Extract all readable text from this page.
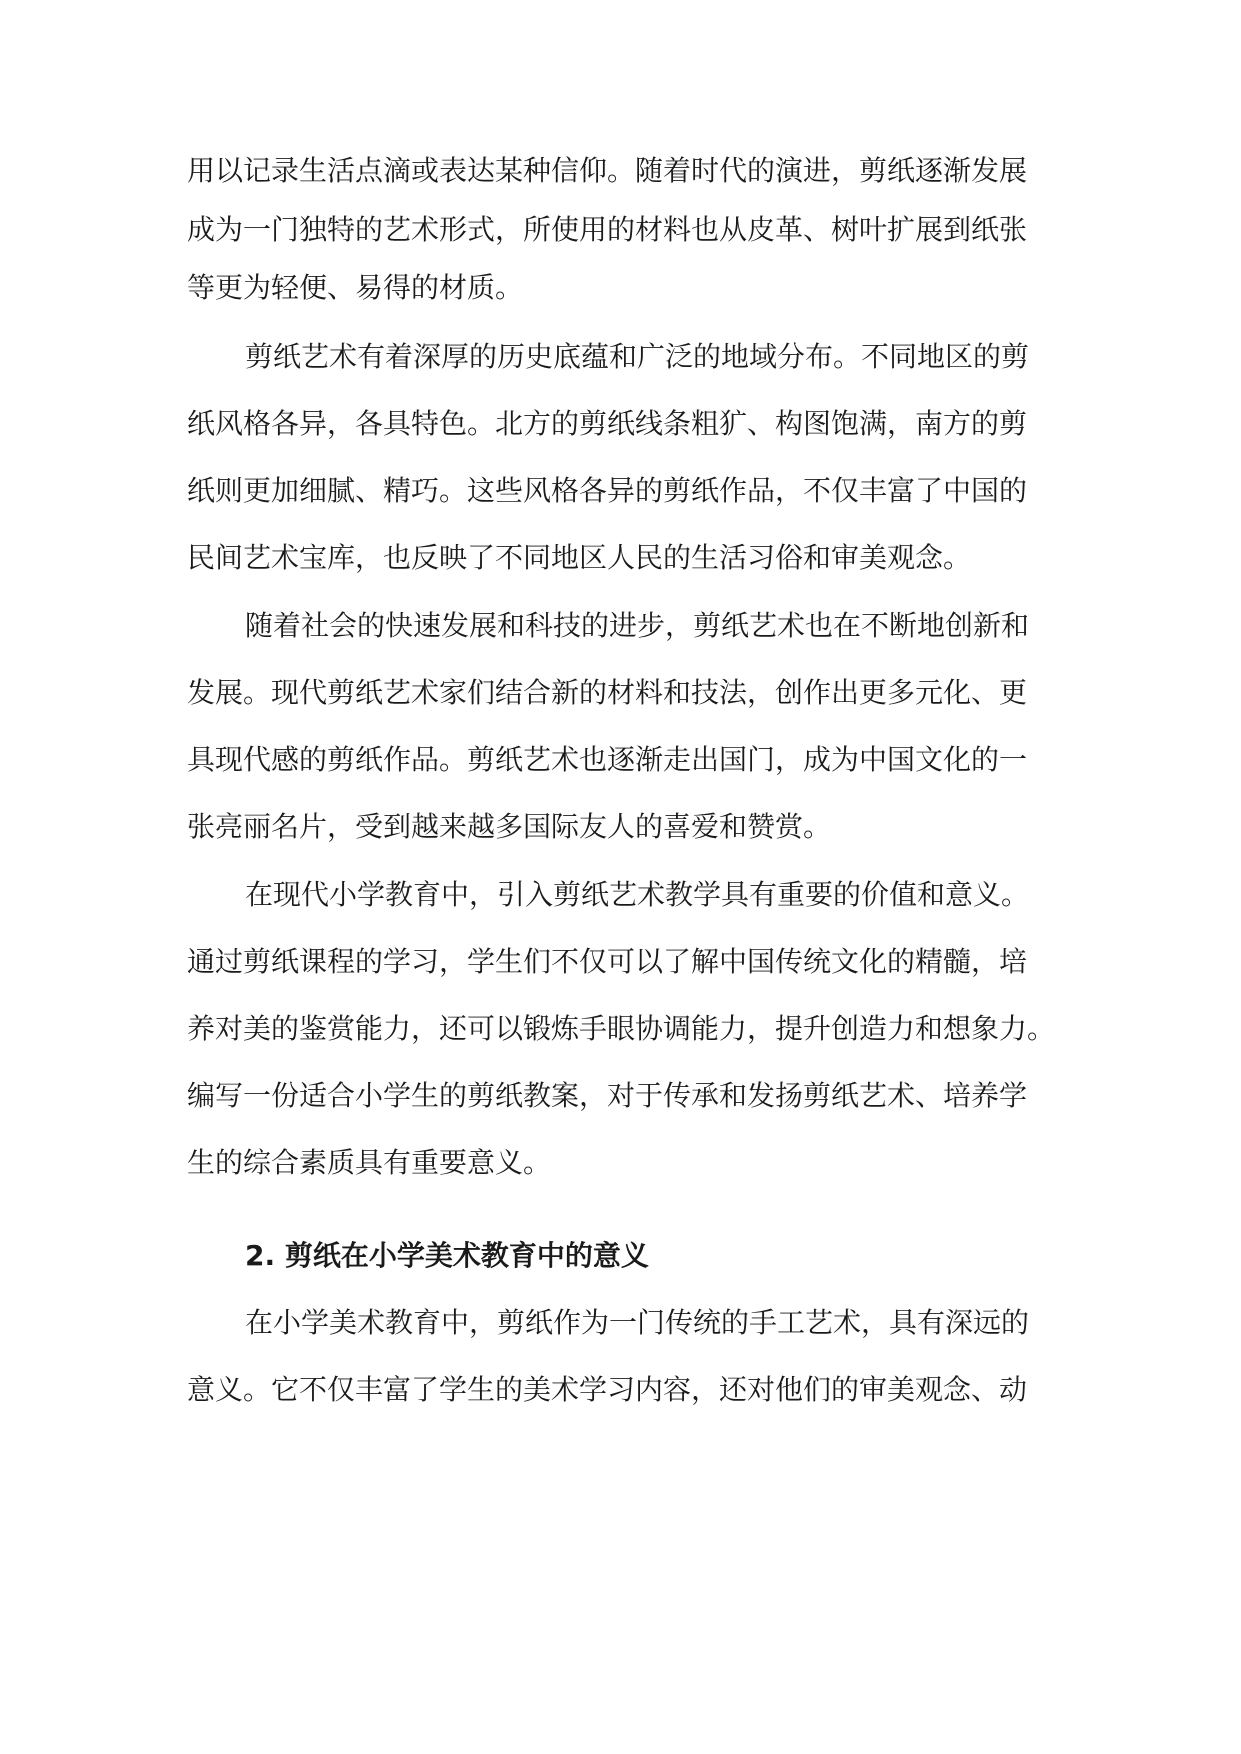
用以记录生活点滴或表达某种信仰。随着时代的演进，剪纸逐渐发展
成为一门独特的艺术形式，所使用的材料也从皮革、树叶扩展到纸张
等更为轻便、易得的材质。
剪纸艺术有着深厚的历史底蕴和广泛的地域分布。不同地区的剪
纸风格各异，各具特色。北方的剪纸线条粗犷、构图饱满，南方的剪
纸则更加细腻、精巧。这些风格各异的剪纸作品，不仅丰富了中国的
民间艺术宝库，也反映了不同地区人民的生活习俗和审美观念。
随着社会的快速发展和科技的进步，剪纸艺术也在不断地创新和
发展。现代剪纸艺术家们结合新的材料和技法，创作出更多元化、更
具现代感的剪纸作品。剪纸艺术也逐渐走出国门，成为中国文化的一
张亮丽名片，受到越来越多国际友人的喜爱和赞赏。
在现代小学教育中，引入剪纸艺术教学具有重要的价值和意义。
通过剪纸课程的学习，学生们不仅可以了解中国传统文化的精髓，培
养对美的鉴赏能力，还可以锻炼手眼协调能力，提升创造力和想象力。
编写一份适合小学生的剪纸教案，对于传承和发扬剪纸艺术、培养学
生的综合素质具有重要意义。
2. 剪纸在小学美术教育中的意义
在小学美术教育中，剪纸作为一门传统的手工艺术，具有深远的
意义。它不仅丰富了学生的美术学习内容，还对他们的审美观念、动
